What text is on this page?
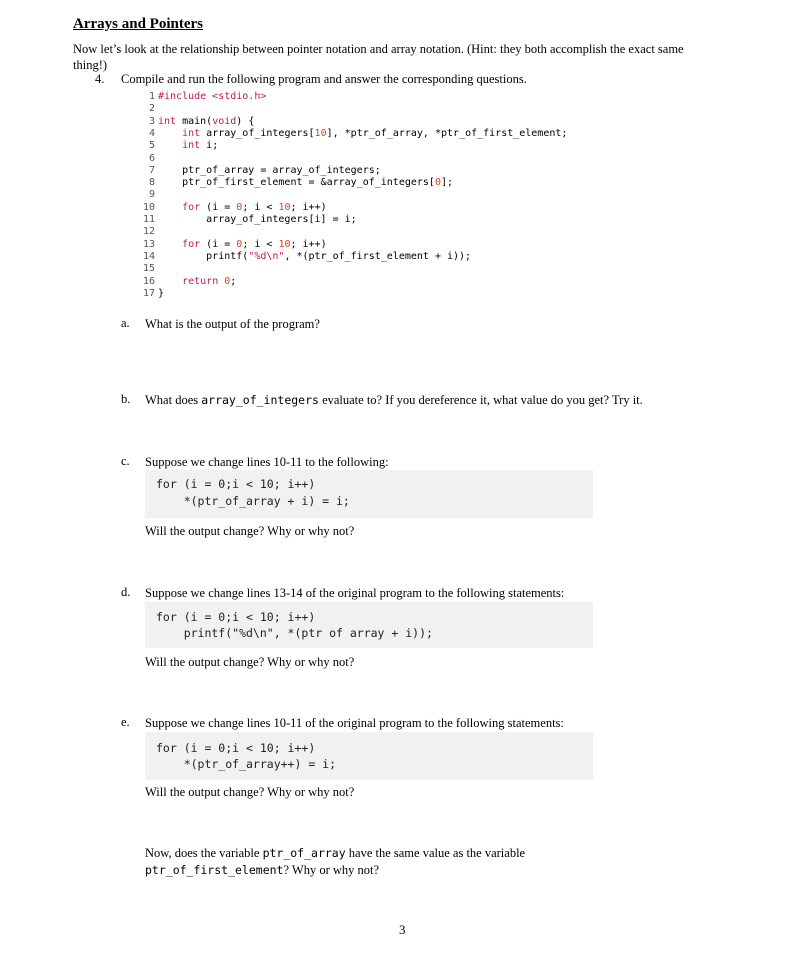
Arrays and Pointers
Now let’s look at the relationship between pointer notation and array notation. (Hint: they both accomplish the exact same
thing!)
4. Compile and run the following program and answer the corresponding questions.
1 #include <stdio.h>
2
3 int main(void) {
4	int array_of_integers[10], *ptr_of_array, *ptr_of_first_element;
5	int i;
6
7    ptr_of_array = array_of_integers;
8    ptr_of_first_element = &array_of_integers[0];
9
10	for (i = 0; i < 10; i++)
11        array_of_integers[i] = i;
12
13	for (i = 0; i < 10; i++)
14        printf("%d\n", *(ptr_of_first_element + i));
15
16	return 0;
17 }
a. What is the output of the program?
b. What does array_of_integers evaluate to? If you dereference it, what value do you get? Try it.
c. Suppose we change lines 10-11 to the following:
for (i = 0;i < 10; i++)
*(ptr_of_array + i) = i;
Will the output change? Why or why not?
d. Suppose we change lines 13-14 of the original program to the following statements:
for (i = 0;i < 10; i++)
printf("%d\n", *(ptr of array + i));
Will the output change? Why or why not?
e. Suppose we change lines 10-11 of the original program to the following statements:
for (i = 0;i < 10; i++)
*(ptr_of_array++) = i;
Will the output change? Why or why not?
Now, does the variable ptr_of_array have the same value as the variable
ptr_of_first_element? Why or why not?
3
